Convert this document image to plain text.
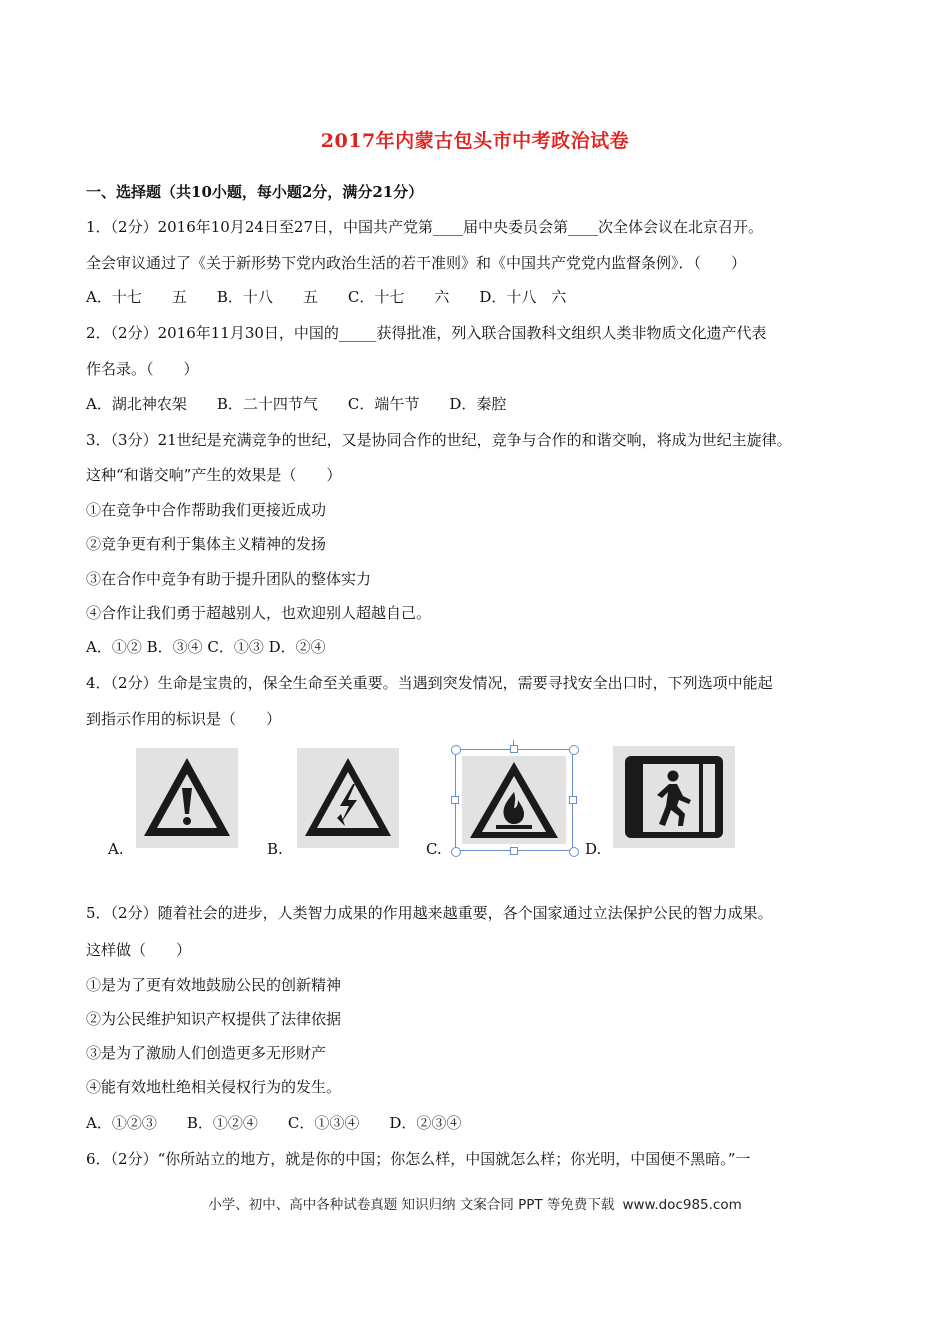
2017年内蒙古包头市中考政治试卷
一、选择题（共10小题，每小题2分，满分21分）
1．（2分）2016年10月24日至27日，中国共产党第____届中央委员会第____次全体会议在北京召开。
全会审议通过了《关于新形势下党内政治生活的若干准则》和《中国共产党党内监督条例》．（　　）
A．十七　　五　　B．十八　　五　　C．十七　　六　　D．十八　六
2．（2分）2016年11月30日，中国的_____获得批准，列入联合国教科文组织人类非物质文化遗产代表
作名录。（　　）
A．湖北神农架　　B．二十四节气　　C．端午节　　D．秦腔
3．（3分）21世纪是充满竞争的世纪，又是协同合作的世纪，竞争与合作的和谐交响，将成为世纪主旋律。
这种“和谐交响”产生的效果是（　　）
①在竞争中合作帮助我们更接近成功
②竞争更有利于集体主义精神的发扬
③在合作中竞争有助于提升团队的整体实力
④合作让我们勇于超越别人，也欢迎别人超越自己。
A．①② B．③④ C．①③ D．②④
4．（2分）生命是宝贵的，保全生命至关重要。当遇到突发情况，需要寻找安全出口时，下列选项中能起
到指示作用的标识是（　　）
A.	B.	C.	D.
5．（2分）随着社会的进步，人类智力成果的作用越来越重要，各个国家通过立法保护公民的智力成果。
这样做（　　）
①是为了更有效地鼓励公民的创新精神
②为公民维护知识产权提供了法律依据
③是为了激励人们创造更多无形财产
④能有效地杜绝相关侵权行为的发生。
A．①②③　　B．①②④　　C．①③④　　D．②③④
6．（2分）“你所站立的地方，就是你的中国；你怎么样，中国就怎么样；你光明，中国便不黑暗。”一
小学、初中、高中各种试卷真题 知识归纳 文案合同 PPT 等免费下载 www.doc985.com
